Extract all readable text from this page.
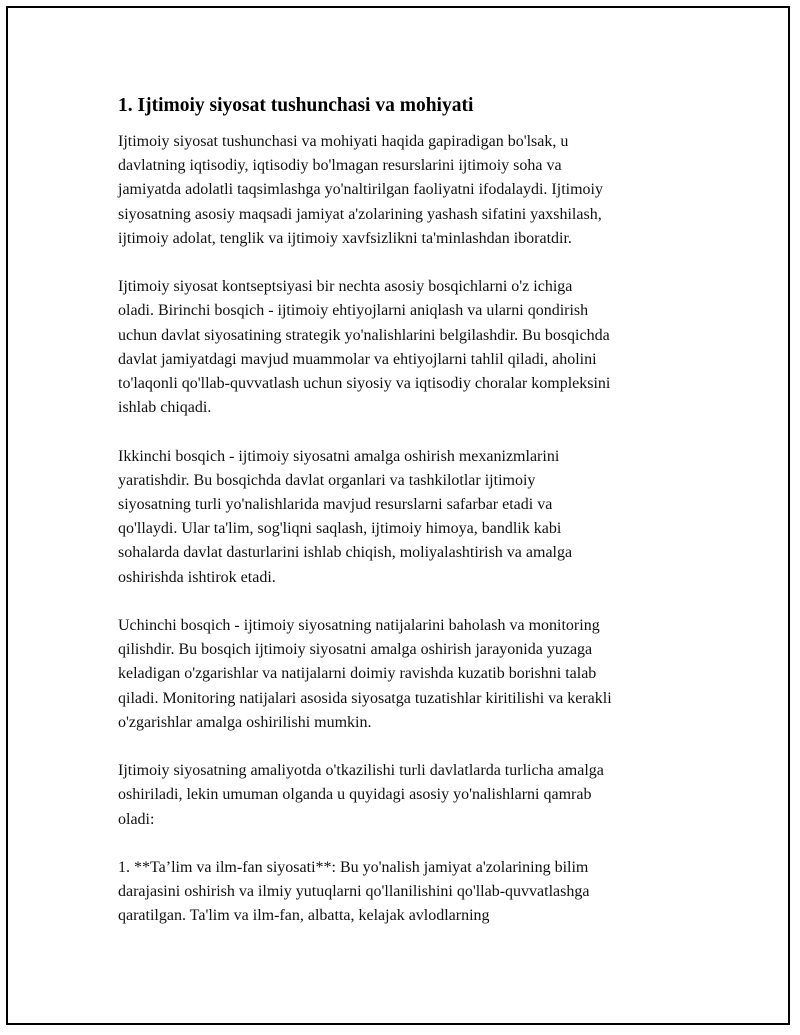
1. Ijtimoiy siyosat tushunchasi va mohiyati

Ijtimoiy siyosat tushunchasi va mohiyati haqida gapiradigan bo'lsak, u
davlatning iqtisodiy, iqtisodiy bo'lmagan resurslarini ijtimoiy soha va
jamiyatda adolatli taqsimlashga yo'naltirilgan faoliyatni ifodalaydi. Ijtimoiy
siyosatning asosiy maqsadi jamiyat a'zolarining yashash sifatini yaxshilash,
ijtimoiy adolat, tenglik va ijtimoiy xavfsizlikni ta'minlashdan iboratdir.

Ijtimoiy siyosat kontseptsiyasi bir nechta asosiy bosqichlarni o'z ichiga
oladi. Birinchi bosqich - ijtimoiy ehtiyojlarni aniqlash va ularni qondirish
uchun davlat siyosatining strategik yo'nalishlarini belgilashdir. Bu bosqichda
davlat jamiyatdagi mavjud muammolar va ehtiyojlarni tahlil qiladi, aholini
to'laqonli qo'llab-quvvatlash uchun siyosiy va iqtisodiy choralar kompleksini
ishlab chiqadi.

Ikkinchi bosqich - ijtimoiy siyosatni amalga oshirish mexanizmlarini
yaratishdir. Bu bosqichda davlat organlari va tashkilotlar ijtimoiy
siyosatning turli yo'nalishlarida mavjud resurslarni safarbar etadi va
qo'llaydi. Ular ta'lim, sog'liqni saqlash, ijtimoiy himoya, bandlik kabi
sohalarda davlat dasturlarini ishlab chiqish, moliyalashtirish va amalga
oshirishda ishtirok etadi.

Uchinchi bosqich - ijtimoiy siyosatning natijalarini baholash va monitoring
qilishdir. Bu bosqich ijtimoiy siyosatni amalga oshirish jarayonida yuzaga
keladigan o'zgarishlar va natijalarni doimiy ravishda kuzatib borishni talab
qiladi. Monitoring natijalari asosida siyosatga tuzatishlar kiritilishi va kerakli
o'zgarishlar amalga oshirilishi mumkin.

Ijtimoiy siyosatning amaliyotda o'tkazilishi turli davlatlarda turlicha amalga
oshiriladi, lekin umuman olganda u quyidagi asosiy yo'nalishlarni qamrab
oladi:

1. **Ta’lim va ilm-fan siyosati**: Bu yo'nalish jamiyat a'zolarining bilim
darajasini oshirish va ilmiy yutuqlarni qo'llanilishini qo'llab-quvvatlashga
qaratilgan. Ta'lim va ilm-fan, albatta, kelajak avlodlarning
